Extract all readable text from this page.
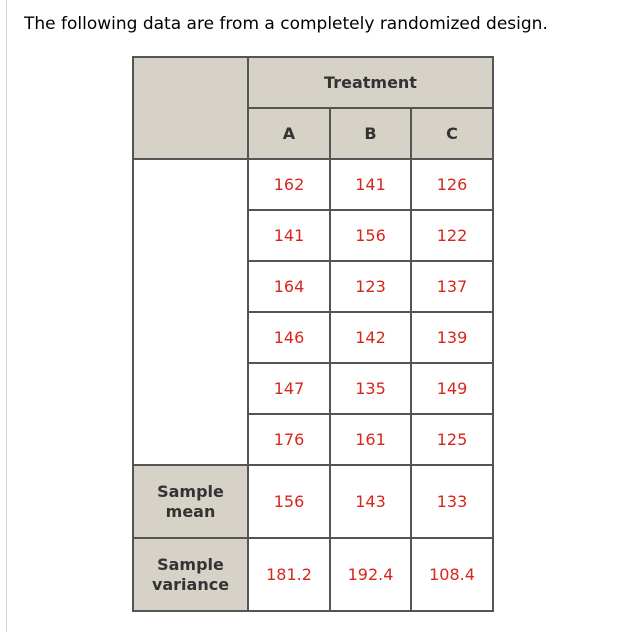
The following data are from a completely randomized design.
	Treatment		
	A	B	C
	162	141	126
	141	156	122
	164	123	137
	146	142	139
	147	135	149
	176	161	125
Sample
mean	156	143	133
Sample
variance	181.2	192.4	108.4
